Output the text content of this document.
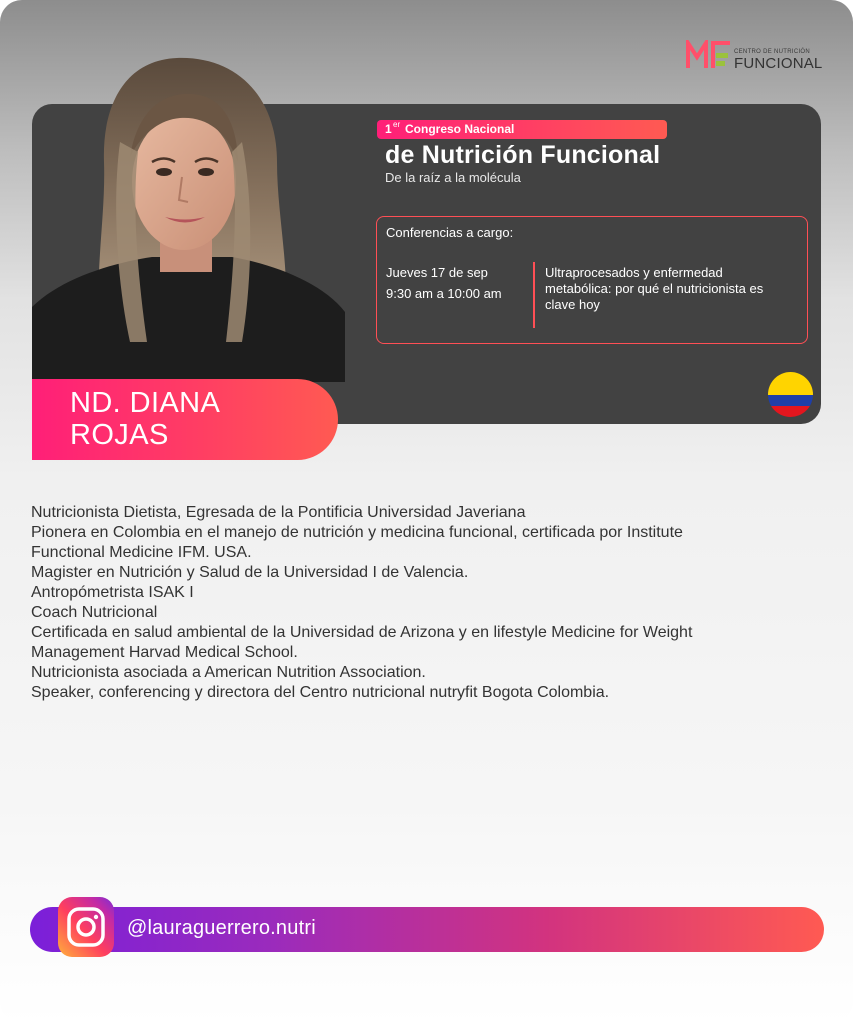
CENTRO DE NUTRICIÓN
FUNCIONAL
ND. DIANA
ROJAS
1 er Congreso Nacional
de Nutrición Funcional
De la raíz a la molécula
Conferencias a cargo:
Jueves 17 de sep
9:30 am a 10:00 am
Ultraprocesados y enfermedad metabólica: por qué el nutricionista es clave hoy

Nutricionista Dietista, Egresada de la Pontificia Universidad Javeriana

Pionera en Colombia en el manejo de nutrición y medicina funcional, certificada por Institute

Functional Medicine IFM. USA.

Magister en Nutrición y Salud de la Universidad I de Valencia.

Antropómetrista ISAK I

Coach Nutricional

Certificada en salud ambiental de la Universidad de Arizona y en lifestyle Medicine for Weight

Management Harvad Medical School.

Nutricionista asociada a American Nutrition Association.

Speaker, conferencing y directora del Centro nutricional nutryfit Bogota Colombia.

@lauraguerrero.nutri
